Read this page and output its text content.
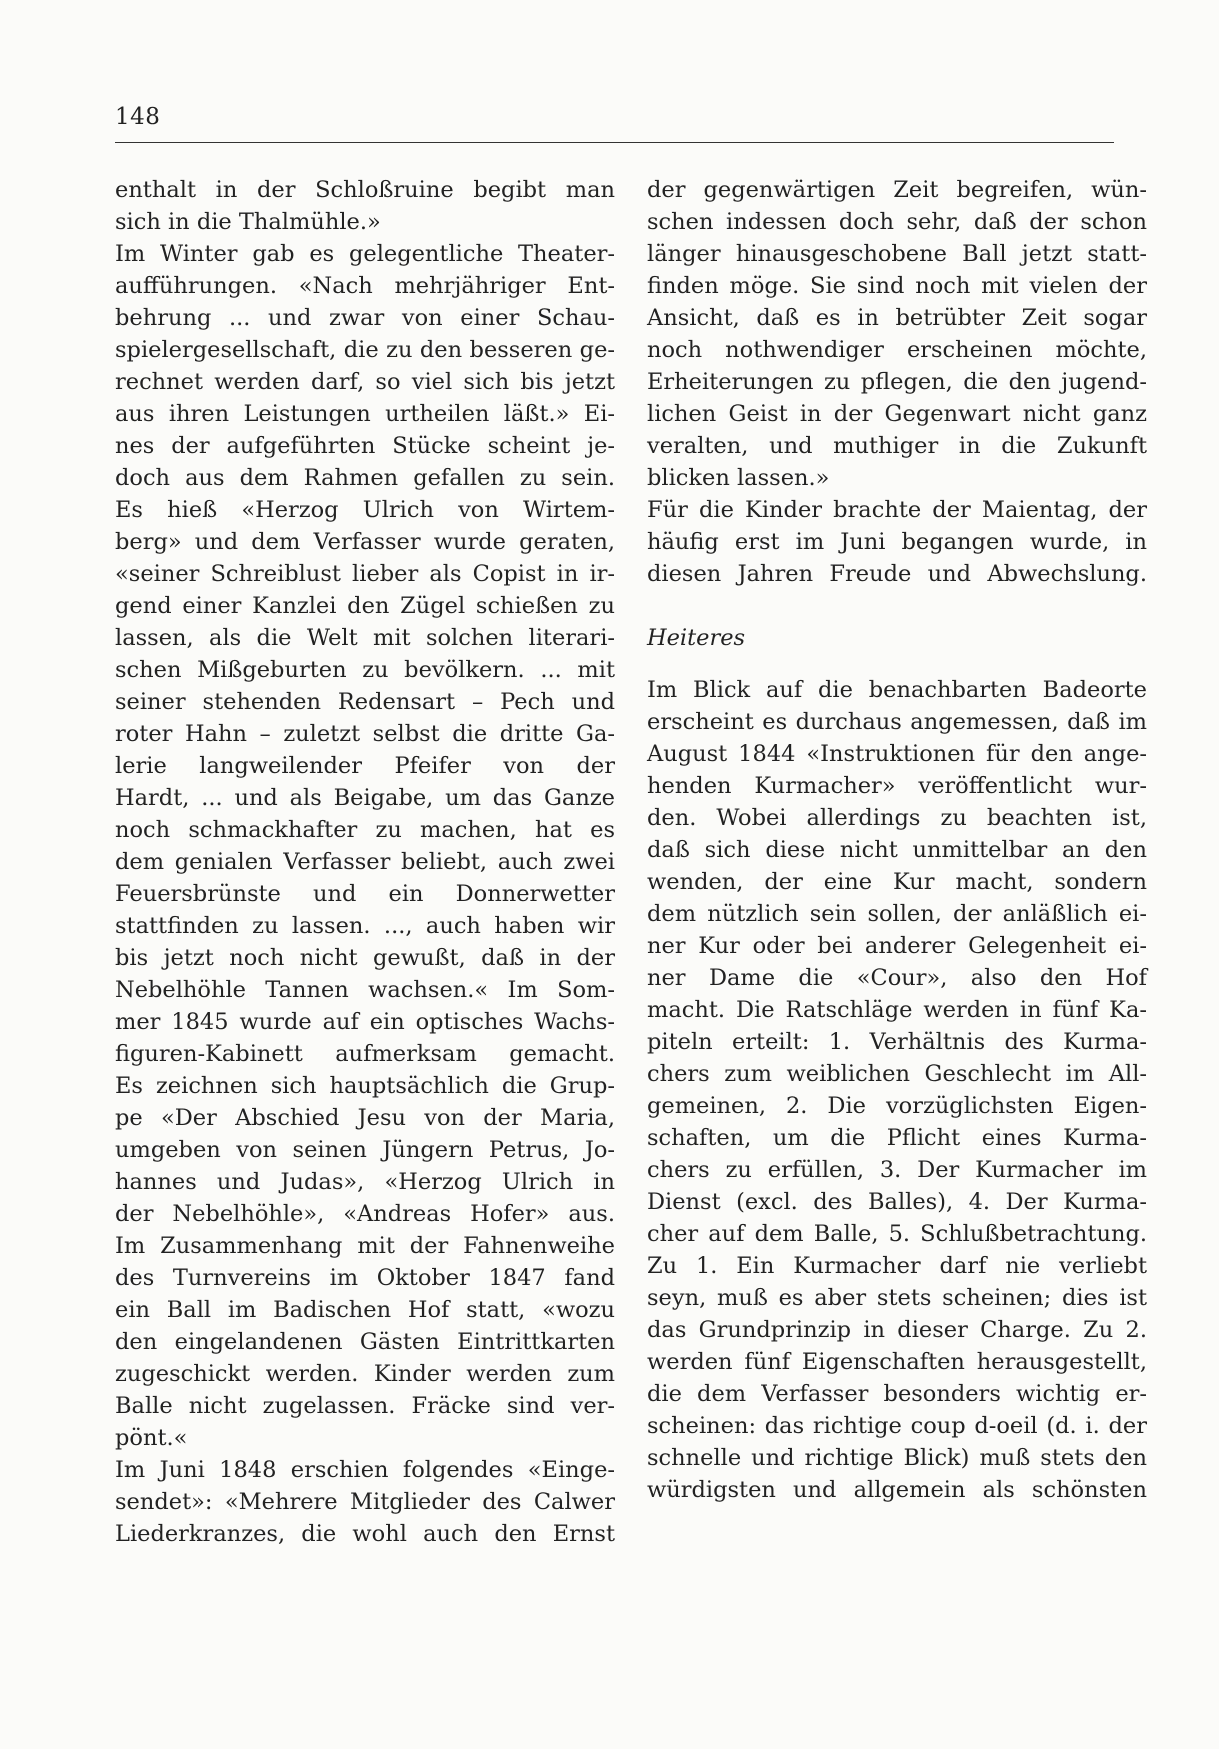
148
enthalt in der Schloßruine begibt man
sich in die Thalmühle.»
Im Winter gab es gelegentliche Theater-
aufführungen. «Nach mehrjähriger Ent-
behrung ... und zwar von einer Schau-
spielergesellschaft, die zu den besseren ge-
rechnet werden darf, so viel sich bis jetzt
aus ihren Leistungen urtheilen läßt.» Ei-
nes der aufgeführten Stücke scheint je-
doch aus dem Rahmen gefallen zu sein.
Es hieß «Herzog Ulrich von Wirtem-
berg» und dem Verfasser wurde geraten,
«seiner Schreiblust lieber als Copist in ir-
gend einer Kanzlei den Zügel schießen zu
lassen, als die Welt mit solchen literari-
schen Mißgeburten zu bevölkern. ... mit
seiner stehenden Redensart – Pech und
roter Hahn – zuletzt selbst die dritte Ga-
lerie langweilender Pfeifer von der
Hardt, ... und als Beigabe, um das Ganze
noch schmackhafter zu machen, hat es
dem genialen Verfasser beliebt, auch zwei
Feuersbrünste und ein Donnerwetter
stattfinden zu lassen. ..., auch haben wir
bis jetzt noch nicht gewußt, daß in der
Nebelhöhle Tannen wachsen.« Im Som-
mer 1845 wurde auf ein optisches Wachs-
figuren-Kabinett aufmerksam gemacht.
Es zeichnen sich hauptsächlich die Grup-
pe «Der Abschied Jesu von der Maria,
umgeben von seinen Jüngern Petrus, Jo-
hannes und Judas», «Herzog Ulrich in
der Nebelhöhle», «Andreas Hofer» aus.
Im Zusammenhang mit der Fahnenweihe
des Turnvereins im Oktober 1847 fand
ein Ball im Badischen Hof statt, «wozu
den eingelandenen Gästen Eintrittkarten
zugeschickt werden. Kinder werden zum
Balle nicht zugelassen. Fräcke sind ver-
pönt.«
Im Juni 1848 erschien folgendes «Einge-
sendet»: «Mehrere Mitglieder des Calwer
Liederkranzes, die wohl auch den Ernst
der gegenwärtigen Zeit begreifen, wün-
schen indessen doch sehr, daß der schon
länger hinausgeschobene Ball jetzt statt-
finden möge. Sie sind noch mit vielen der
Ansicht, daß es in betrübter Zeit sogar
noch nothwendiger erscheinen möchte,
Erheiterungen zu pflegen, die den jugend-
lichen Geist in der Gegenwart nicht ganz
veralten, und muthiger in die Zukunft
blicken lassen.»
Für die Kinder brachte der Maientag, der
häufig erst im Juni begangen wurde, in
diesen Jahren Freude und Abwechslung.
Heiteres
Im Blick auf die benachbarten Badeorte
erscheint es durchaus angemessen, daß im
August 1844 «Instruktionen für den ange-
henden Kurmacher» veröffentlicht wur-
den. Wobei allerdings zu beachten ist,
daß sich diese nicht unmittelbar an den
wenden, der eine Kur macht, sondern
dem nützlich sein sollen, der anläßlich ei-
ner Kur oder bei anderer Gelegenheit ei-
ner Dame die «Cour», also den Hof
macht. Die Ratschläge werden in fünf Ka-
piteln erteilt: 1. Verhältnis des Kurma-
chers zum weiblichen Geschlecht im All-
gemeinen, 2. Die vorzüglichsten Eigen-
schaften, um die Pflicht eines Kurma-
chers zu erfüllen, 3. Der Kurmacher im
Dienst (excl. des Balles), 4. Der Kurma-
cher auf dem Balle, 5. Schlußbetrachtung.
Zu 1. Ein Kurmacher darf nie verliebt
seyn, muß es aber stets scheinen; dies ist
das Grundprinzip in dieser Charge. Zu 2.
werden fünf Eigenschaften herausgestellt,
die dem Verfasser besonders wichtig er-
scheinen: das richtige coup d-oeil (d. i. der
schnelle und richtige Blick) muß stets den
würdigsten und allgemein als schönsten
